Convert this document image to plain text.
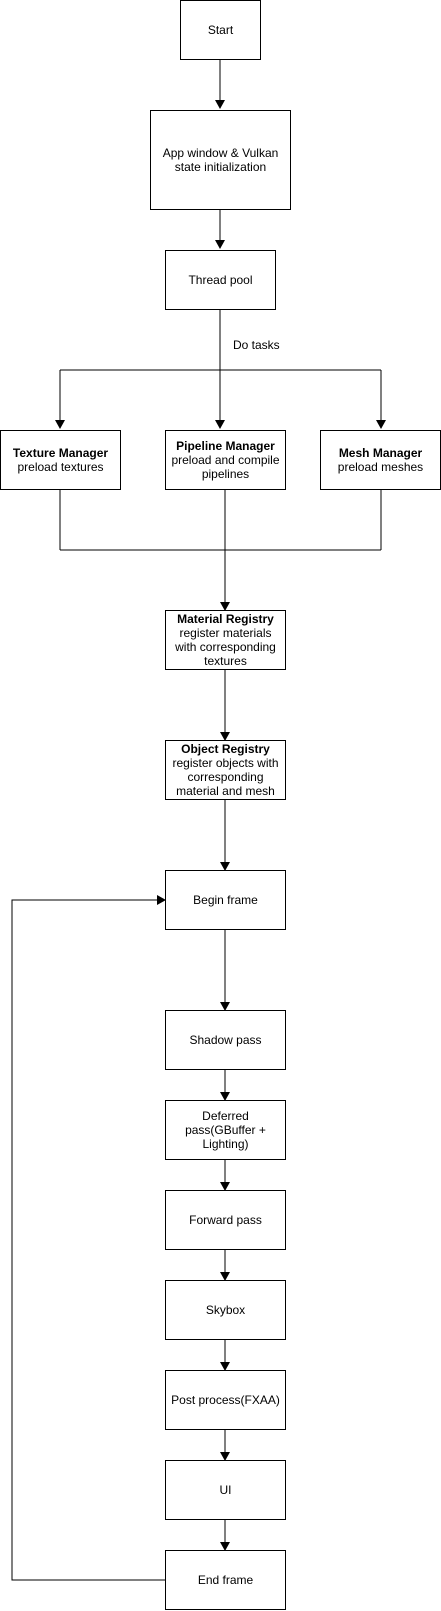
Start
App window & Vulkan state initialization
Thread pool
Do tasks
Texture Manager
preload textures
Pipeline Manager
preload and compile pipelines
Mesh Manager
preload meshes
Material Registry
register materials with corresponding textures
Object Registry
register objects with corresponding material and mesh
Begin frame
Shadow pass
Deferred pass(GBuffer + Lighting)
Forward pass
Skybox
Post process(FXAA)
UI
End frame
